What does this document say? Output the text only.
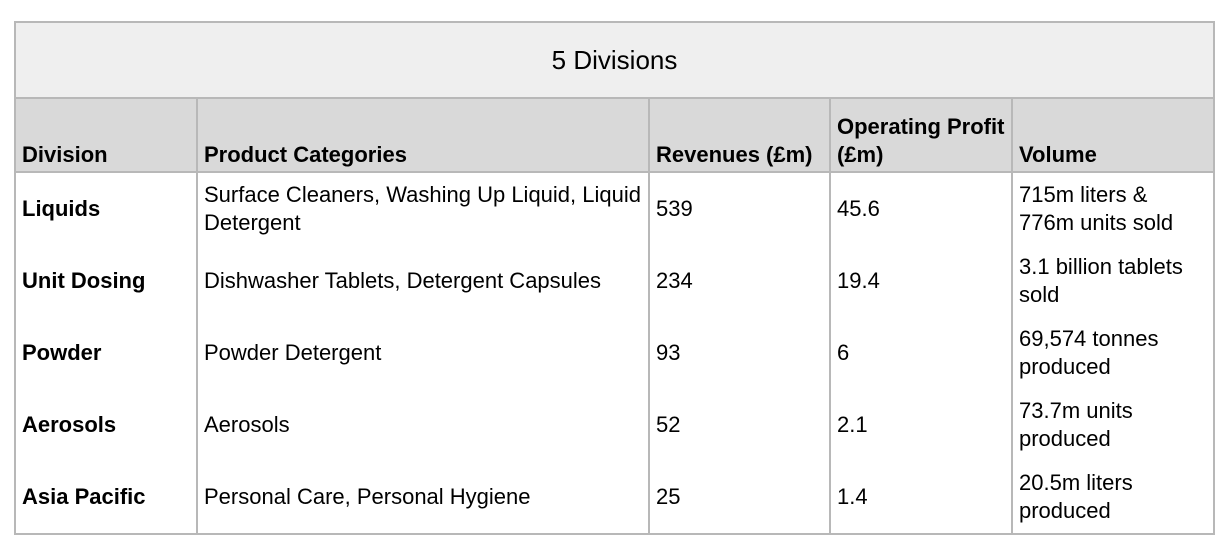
5 Divisions				
Division	Product Categories	Revenues (£m)	Operating Profit (£m)	Volume
Liquids	Surface Cleaners, Washing Up Liquid, Liquid Detergent	539	45.6	715m liters & 776m units sold
Unit Dosing	Dishwasher Tablets, Detergent Capsules	234	19.4	3.1 billion tablets sold
Powder	Powder Detergent	93	6	69,574 tonnes produced
Aerosols	Aerosols	52	2.1	73.7m units produced
Asia Pacific	Personal Care, Personal Hygiene	25	1.4	20.5m liters produced
